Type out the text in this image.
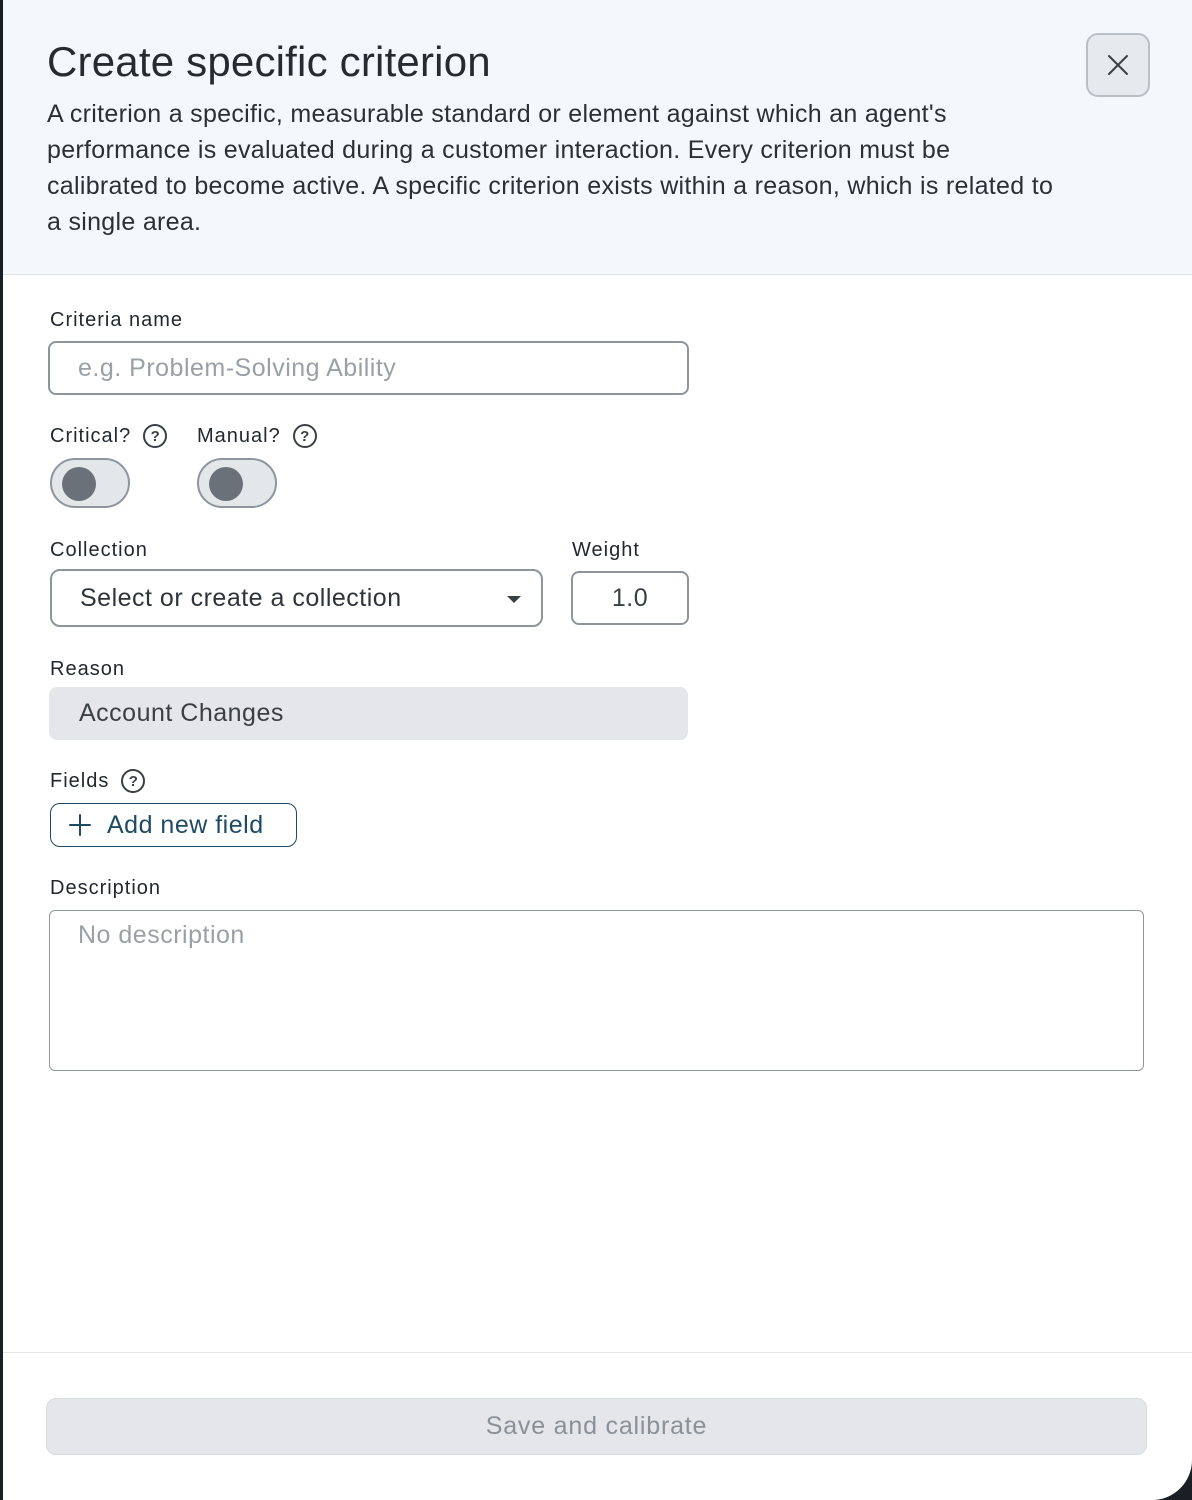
Create specific criterion

A criterion a specific, measurable standard or element against which an agent's performance is evaluated during a customer interaction. Every criterion must be calibrated to become active. A specific criterion exists within a reason, which is related to a single area.

Criteria name
e.g. Problem-Solving Ability
Critical?	?	Manual?	?
Collection	Weight
Select or create a collection	1.0
Reason
Account Changes
Fields	?
Add new field
Description
No description
Save and calibrate
